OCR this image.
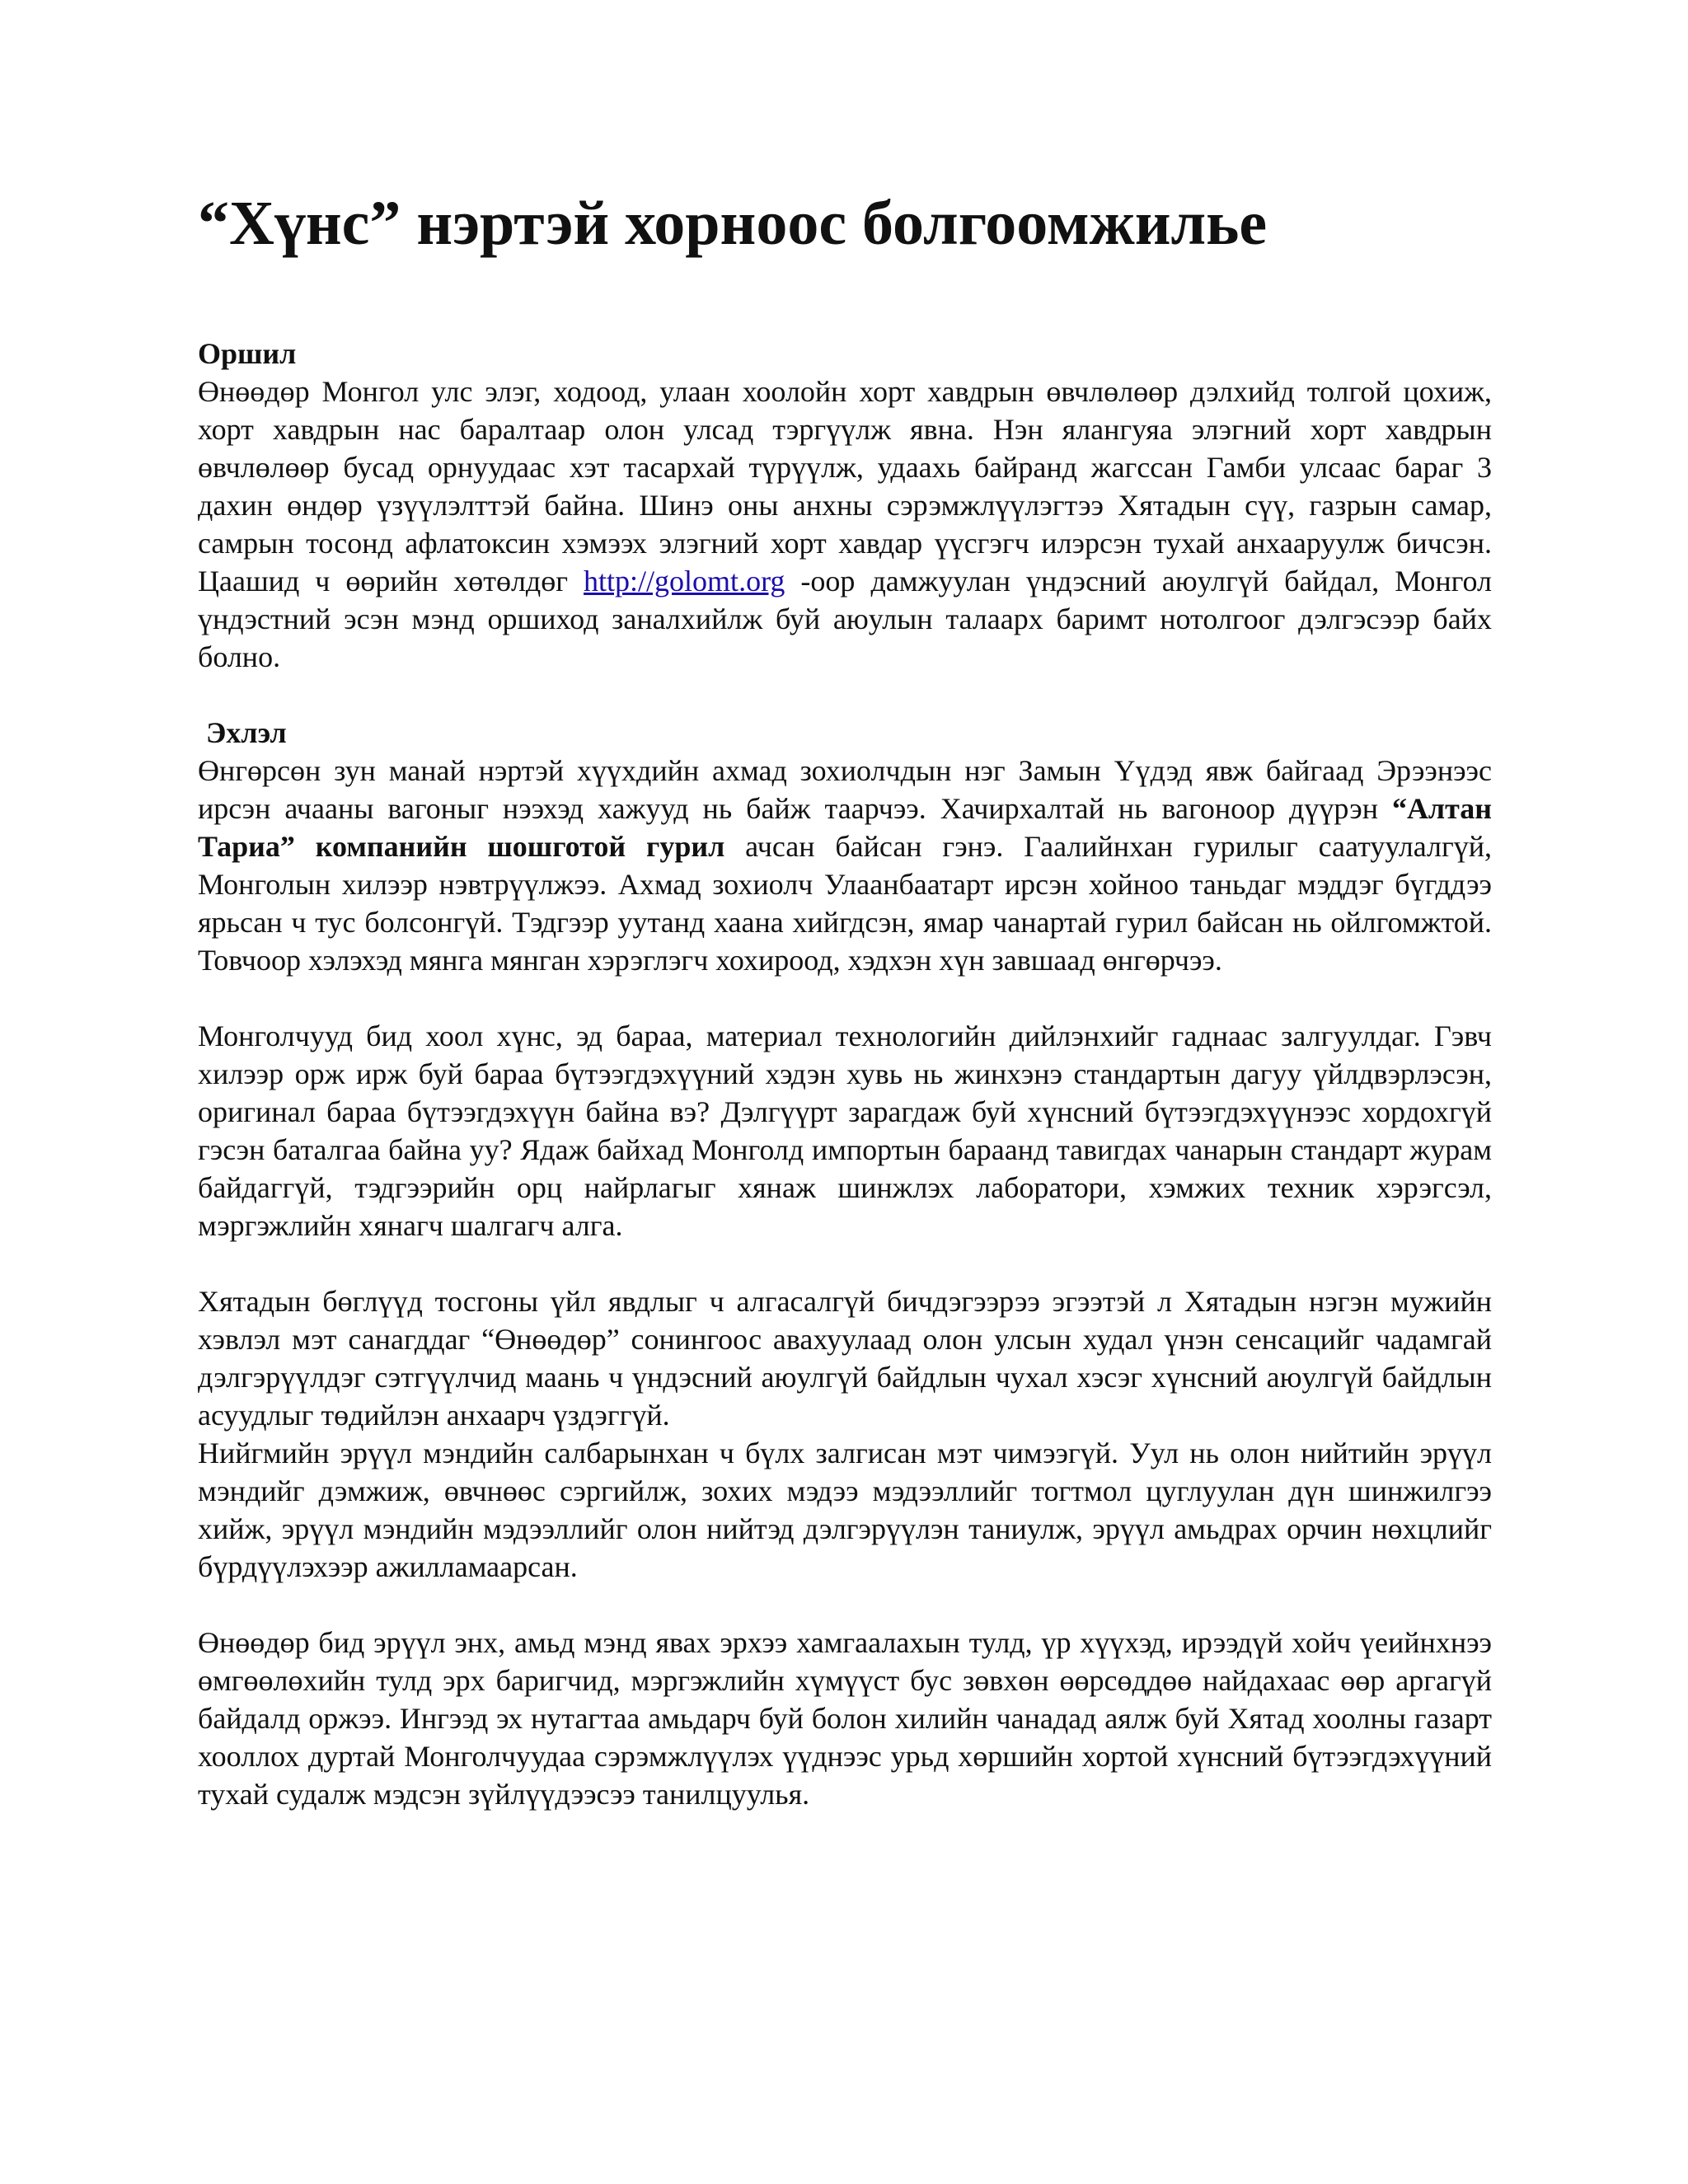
“Хүнс” нэртэй хорноос болгоомжилье

Оршил

Өнөөдөр Монгол улс элэг, ходоод, улаан хоолойн хорт хавдрын өвчлөлөөр дэлхийд толгой цохиж, хорт хавдрын нас баралтаар олон улсад тэргүүлж явна. Нэн ялангуяа элэгний хорт хавдрын өвчлөлөөр бусад орнуудаас хэт тасархай түрүүлж, удаахь байранд жагссан Гамби улсаас бараг 3 дахин өндөр үзүүлэлттэй байна. Шинэ оны анхны сэрэмжлүүлэгтээ Хятадын сүү, газрын самар, самрын тосонд афлатоксин хэмээх элэгний хорт хавдар үүсгэгч илэрсэн тухай анхааруулж бичсэн. Цаашид ч өөрийн хөтөлдөг http://golomt.org -оор дамжуулан үндэсний аюулгүй байдал, Монгол үндэстний эсэн мэнд оршиход заналхийлж буй аюулын талаарх баримт нотолгоог дэлгэсээр байх болно.

Эхлэл

Өнгөрсөн зун манай нэртэй хүүхдийн ахмад зохиолчдын нэг Замын Үүдэд явж байгаад Эрээнээс ирсэн ачааны вагоныг нээхэд хажууд нь байж таарчээ. Хачирхалтай нь вагоноор дүүрэн “Алтан Тариа” компанийн шошготой гурил ачсан байсан гэнэ. Гаалийнхан гурилыг саатуулалгүй, Монголын хилээр нэвтрүүлжээ. Ахмад зохиолч Улаанбаатарт ирсэн хойноо таньдаг мэддэг бүгддээ ярьсан ч тус болсонгүй. Тэдгээр уутанд хаана хийгдсэн, ямар чанартай гурил байсан нь ойлгомжтой. Товчоор хэлэхэд мянга мянган хэрэглэгч хохироод, хэдхэн хүн завшаад өнгөрчээ.

Монголчууд бид хоол хүнс, эд бараа, материал технологийн дийлэнхийг гаднаас залгуулдаг. Гэвч хилээр орж ирж буй бараа бүтээгдэхүүний хэдэн хувь нь жинхэнэ стандартын дагуу үйлдвэрлэсэн, оригинал бараа бүтээгдэхүүн байна вэ? Дэлгүүрт зарагдаж буй хүнсний бүтээгдэхүүнээс хордохгүй гэсэн баталгаа байна уу? Ядаж байхад Монголд импортын бараанд тавигдах чанарын стандарт журам байдаггүй, тэдгээрийн орц найрлагыг хянаж шинжлэх лаборатори, хэмжих техник хэрэгсэл, мэргэжлийн хянагч шалгагч алга.

Хятадын бөглүүд тосгоны үйл явдлыг ч алгасалгүй бичдэгээрээ эгээтэй л Хятадын нэгэн мужийн хэвлэл мэт санагддаг “Өнөөдөр” сонингоос авахуулаад олон улсын худал үнэн сенсацийг чадамгай дэлгэрүүлдэг сэтгүүлчид маань ч үндэсний аюулгүй байдлын чухал хэсэг хүнсний аюулгүй байдлын асуудлыг төдийлэн анхаарч үздэггүй.

Нийгмийн эрүүл мэндийн салбарынхан ч бүлх залгисан мэт чимээгүй. Уул нь олон нийтийн эрүүл мэндийг дэмжиж, өвчнөөс сэргийлж, зохих мэдээ мэдээллийг тогтмол цуглуулан дүн шинжилгээ хийж, эрүүл мэндийн мэдээллийг олон нийтэд дэлгэрүүлэн таниулж, эрүүл амьдрах орчин нөхцлийг бүрдүүлэхээр ажилламаарсан.

Өнөөдөр бид эрүүл энх, амьд мэнд явах эрхээ хамгаалахын тулд, үр хүүхэд, ирээдүй хойч үеийнхнээ өмгөөлөхийн тулд эрх баригчид, мэргэжлийн хүмүүст бус зөвхөн өөрсөддөө найдахаас өөр аргагүй байдалд оржээ. Ингээд эх нутагтаа амьдарч буй болон хилийн чанадад аялж буй Хятад хоолны газарт хооллох дуртай Монголчуудаа сэрэмжлүүлэх үүднээс урьд хөршийн хортой хүнсний бүтээгдэхүүний тухай судалж мэдсэн зүйлүүдээсээ танилцуулья.
